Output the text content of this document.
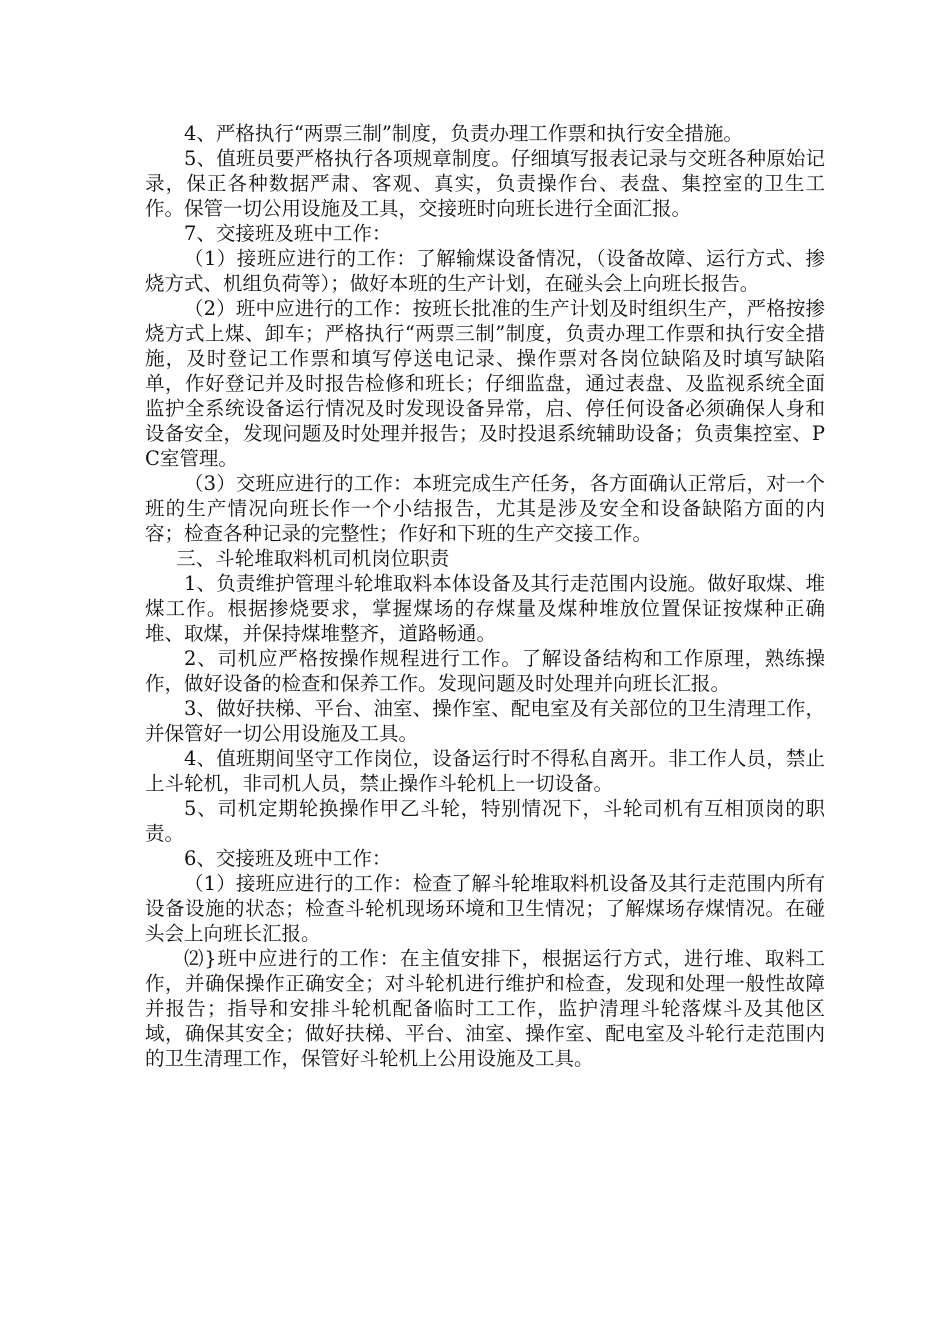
4、严格执行“两票三制”制度，负责办理工作票和执行安全措施。

5、值班员要严格执行各项规章制度。仔细填写报表记录与交班各种原始记录，保正各种数据严肃、客观、真实，负责操作台、表盘、集控室的卫生工作。保管一切公用设施及工具，交接班时向班长进行全面汇报。

7、交接班及班中工作：

（1）接班应进行的工作：了解输煤设备情况，（设备故障、运行方式、掺烧方式、机组负荷等）；做好本班的生产计划，在碰头会上向班长报告。

（2）班中应进行的工作：按班长批准的生产计划及时组织生产，严格按掺烧方式上煤、卸车；严格执行“两票三制”制度，负责办理工作票和执行安全措施，及时登记工作票和填写停送电记录、操作票对各岗位缺陷及时填写缺陷单，作好登记并及时报告检修和班长；仔细监盘，通过表盘、及监视系统全面监护全系统设备运行情况及时发现设备异常，启、停任何设备必须确保人身和设备安全，发现问题及时处理并报告；及时投退系统辅助设备；负责集控室、PC室管理。

（3）交班应进行的工作：本班完成生产任务，各方面确认正常后，对一个班的生产情况向班长作一个小结报告，尤其是涉及安全和设备缺陷方面的内容；检查各种记录的完整性；作好和下班的生产交接工作。

三、斗轮堆取料机司机岗位职责

1、负责维护管理斗轮堆取料本体设备及其行走范围内设施。做好取煤、堆煤工作。根据掺烧要求，掌握煤场的存煤量及煤种堆放位置保证按煤种正确堆、取煤，并保持煤堆整齐，道路畅通。

2、司机应严格按操作规程进行工作。了解设备结构和工作原理，熟练操作，做好设备的检查和保养工作。发现问题及时处理并向班长汇报。

3、做好扶梯、平台、油室、操作室、配电室及有关部位的卫生清理工作，并保管好一切公用设施及工具。

4、值班期间坚守工作岗位，设备运行时不得私自离开。非工作人员，禁止上斗轮机，非司机人员，禁止操作斗轮机上一切设备。

5、司机定期轮换操作甲乙斗轮，特别情况下，斗轮司机有互相顶岗的职责。

6、交接班及班中工作：

（1）接班应进行的工作：检查了解斗轮堆取料机设备及其行走范围内所有设备设施的状态；检查斗轮机现场环境和卫生情况；了解煤场存煤情况。在碰头会上向班长汇报。

⑵}班中应进行的工作：在主值安排下，根据运行方式，进行堆、取料工作，并确保操作正确安全；对斗轮机进行维护和检查，发现和处理一般性故障并报告；指导和安排斗轮机配备临时工工作，监护清理斗轮落煤斗及其他区域，确保其安全；做好扶梯、平台、油室、操作室、配电室及斗轮行走范围内的卫生清理工作，保管好斗轮机上公用设施及工具。
